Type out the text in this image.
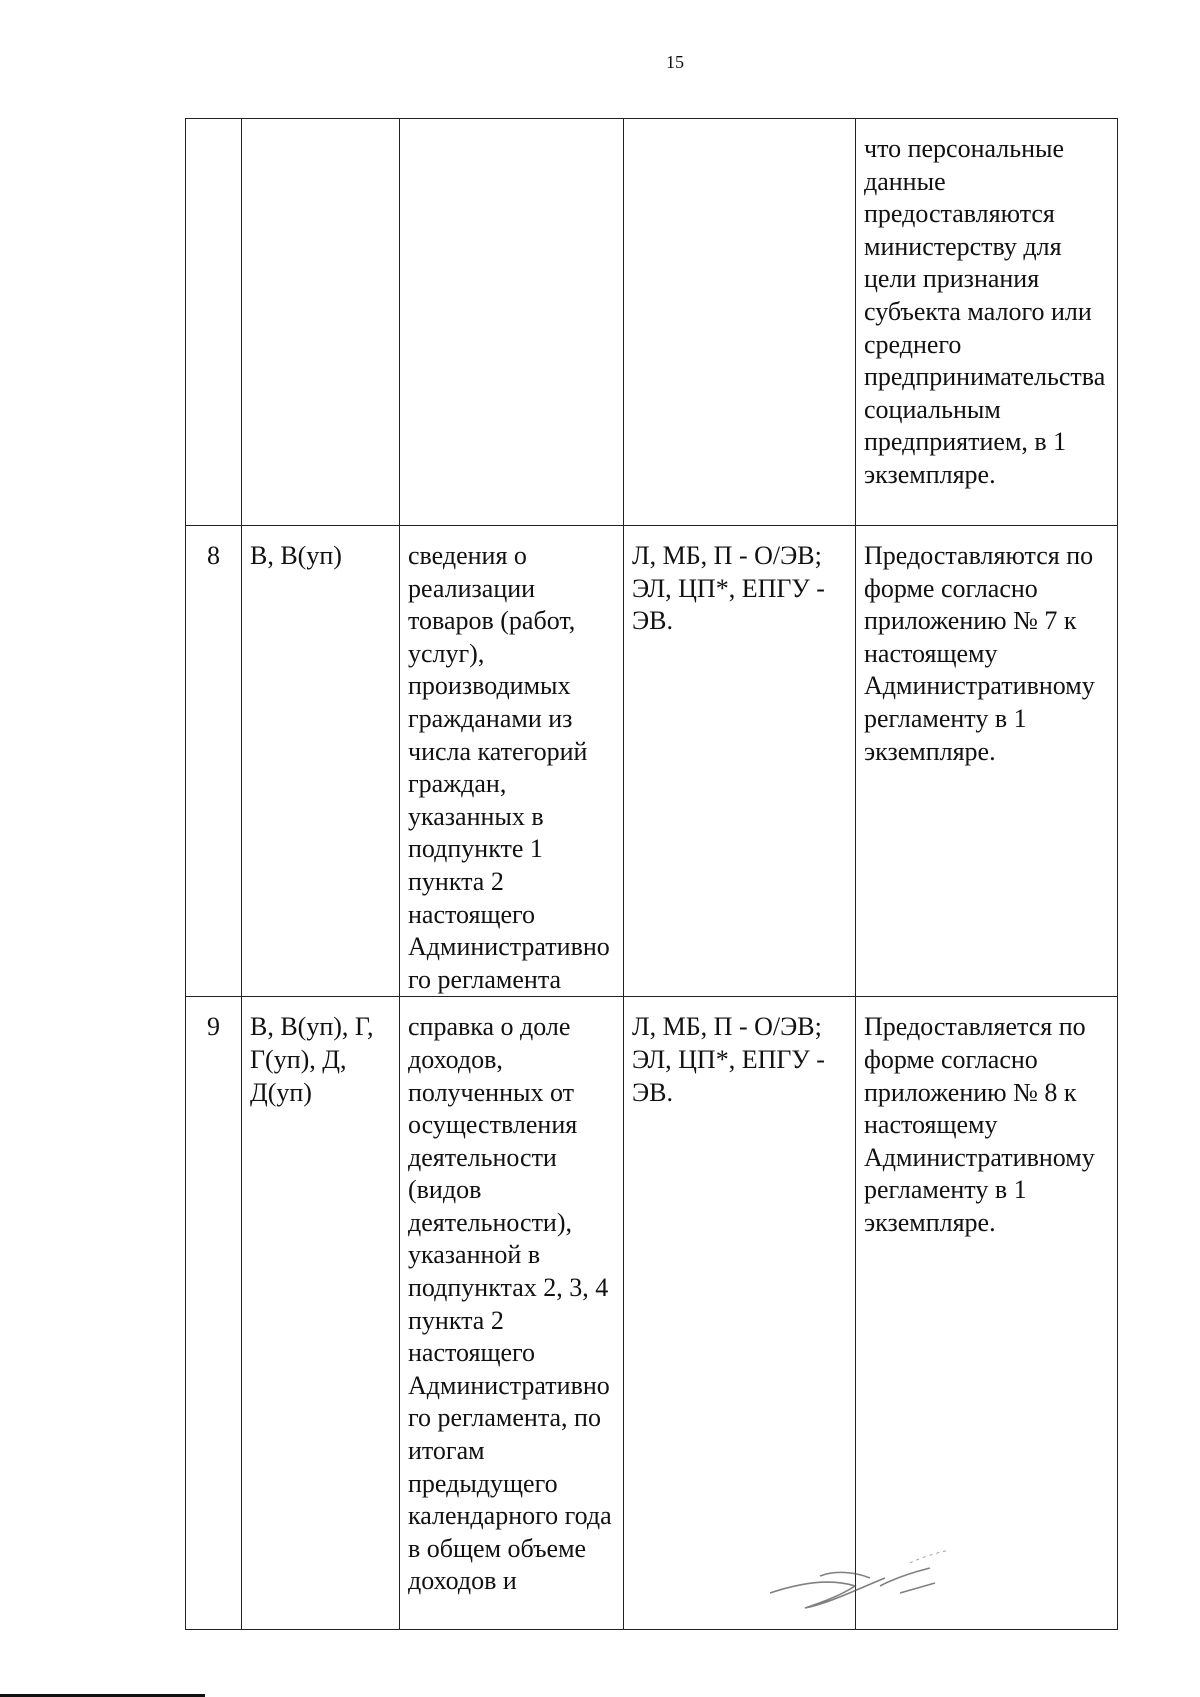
15
				что персональные данные предоставляются министерству для цели признания субъекта малого или среднего предпринимательства социальным предприятием, в 1 экземпляре.
8	В, В(уп)	сведения о реализации товаров (работ, услуг), производимых гражданами из числа категорий граждан, указанных в подпункте 1 пункта 2 настоящего Административного регламента	Л, МБ, П - О/ЭВ; ЭЛ, ЦП*, ЕПГУ - ЭВ.	Предоставляются по форме согласно приложению № 7 к настоящему Административному регламенту в 1 экземпляре.
9	В, В(уп), Г, Г(уп), Д, Д(уп)	справка о доле доходов, полученных от осуществления деятельности (видов деятельности), указанной в подпунктах 2, 3, 4 пункта 2 настоящего Административного регламента, по итогам предыдущего календарного года в общем объеме доходов и	Л, МБ, П - О/ЭВ; ЭЛ, ЦП*, ЕПГУ - ЭВ.	Предоставляется по форме согласно приложению № 8 к настоящему Административному регламенту в 1 экземпляре.
